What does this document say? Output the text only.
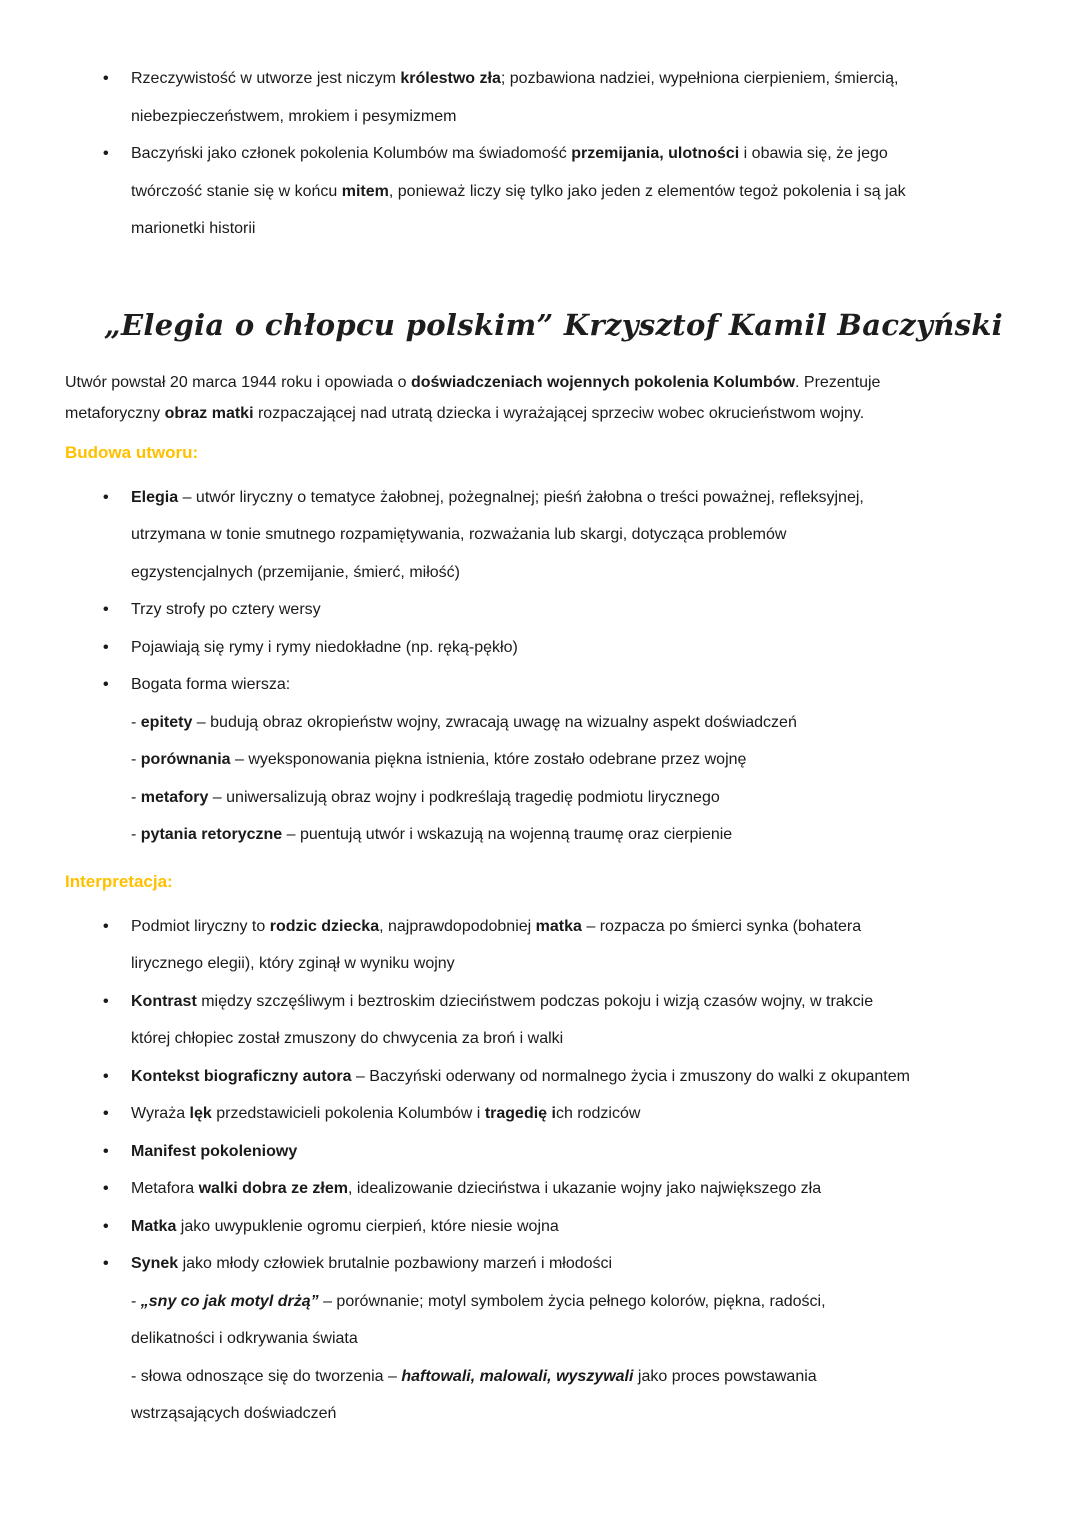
• Rzeczywistość w utworze jest niczym królestwo zła; pozbawiona nadziei, wypełniona cierpieniem, śmiercią,
niebezpieczeństwem, mrokiem i pesymizmem
• Baczyński jako członek pokolenia Kolumbów ma świadomość przemijania, ulotności i obawia się, że jego
twórczość stanie się w końcu mitem, ponieważ liczy się tylko jako jeden z elementów tegoż pokolenia i są jak
marionetki historii
„Elegia o chłopcu polskim” Krzysztof Kamil Baczyński

Utwór powstał 20 marca 1944 roku i opowiada o doświadczeniach wojennych pokolenia Kolumbów. Prezentuje
metaforyczny obraz matki rozpaczającej nad utratą dziecka i wyrażającej sprzeciw wobec okrucieństwom wojny.

Budowa utworu:
• Elegia – utwór liryczny o tematyce żałobnej, pożegnalnej; pieśń żałobna o treści poważnej, refleksyjnej,
utrzymana w tonie smutnego rozpamiętywania, rozważania lub skargi, dotycząca problemów
egzystencjalnych (przemijanie, śmierć, miłość)
• Trzy strofy po cztery wersy
• Pojawiają się rymy i rymy niedokładne (np. ręką-pękło)
• Bogata forma wiersza:
- epitety – budują obraz okropieństw wojny, zwracają uwagę na wizualny aspekt doświadczeń
- porównania – wyeksponowania piękna istnienia, które zostało odebrane przez wojnę
- metafory – uniwersalizują obraz wojny i podkreślają tragedię podmiotu lirycznego
- pytania retoryczne – puentują utwór i wskazują na wojenną traumę oraz cierpienie
Interpretacja:
• Podmiot liryczny to rodzic dziecka, najprawdopodobniej matka – rozpacza po śmierci synka (bohatera
lirycznego elegii), który zginął w wyniku wojny
• Kontrast między szczęśliwym i beztroskim dzieciństwem podczas pokoju i wizją czasów wojny, w trakcie
której chłopiec został zmuszony do chwycenia za broń i walki
• Kontekst biograficzny autora – Baczyński oderwany od normalnego życia i zmuszony do walki z okupantem
• Wyraża lęk przedstawicieli pokolenia Kolumbów i tragedię ich rodziców
• Manifest pokoleniowy
• Metafora walki dobra ze złem, idealizowanie dzieciństwa i ukazanie wojny jako największego zła
• Matka jako uwypuklenie ogromu cierpień, które niesie wojna
• Synek jako młody człowiek brutalnie pozbawiony marzeń i młodości
- „sny co jak motyl drżą” – porównanie; motyl symbolem życia pełnego kolorów, piękna, radości,
delikatności i odkrywania świata
- słowa odnoszące się do tworzenia – haftowali, malowali, wyszywali jako proces powstawania
wstrząsających doświadczeń
